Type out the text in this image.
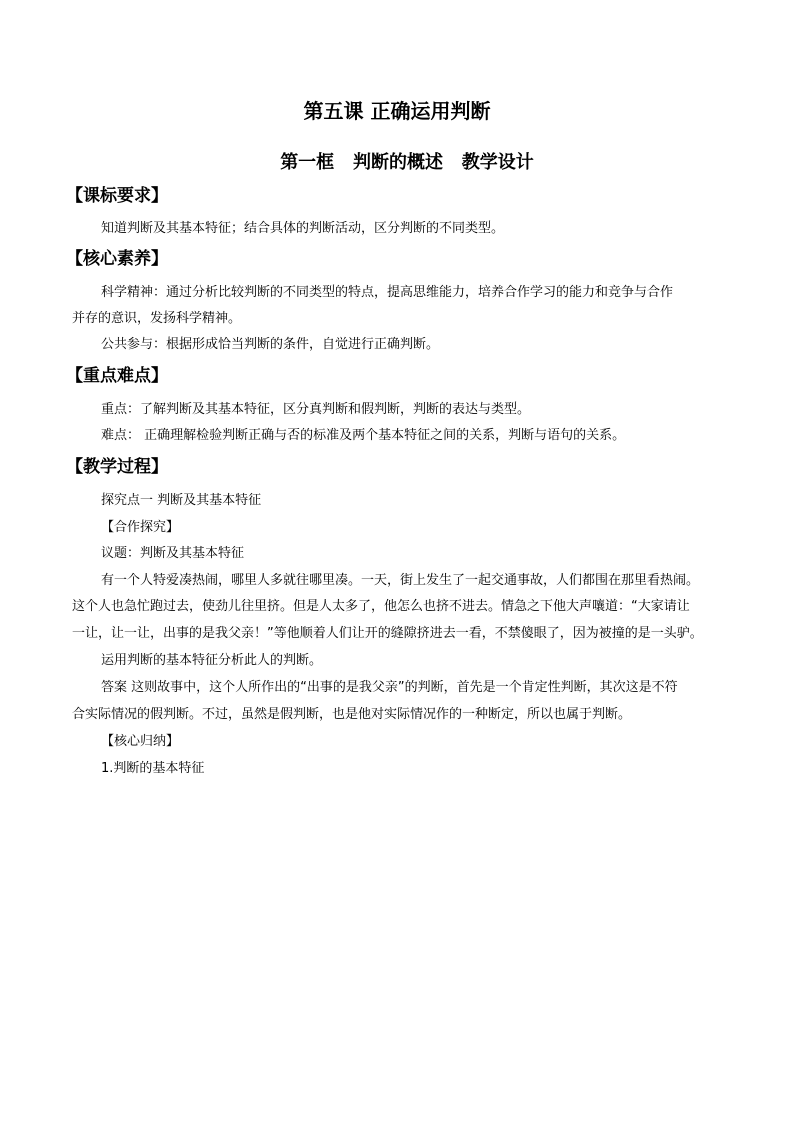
第五课 正确运用判断
第一框   判断的概述   教学设计
【课标要求】
知道判断及其基本特征；结合具体的判断活动，区分判断的不同类型。
【核心素养】
科学精神：通过分析比较判断的不同类型的特点，提高思维能力，培养合作学习的能力和竞争与合作
并存的意识，发扬科学精神。
公共参与：根据形成恰当判断的条件，自觉进行正确判断。
【重点难点】
重点：了解判断及其基本特征，区分真判断和假判断，判断的表达与类型。
难点： 正确理解检验判断正确与否的标准及两个基本特征之间的关系，判断与语句的关系。
【教学过程】
探究点一 判断及其基本特征
【合作探究】
议题：判断及其基本特征
有一个人特爱凑热闹，哪里人多就往哪里凑。一天，街上发生了一起交通事故，人们都围在那里看热闹。
这个人也急忙跑过去，使劲儿往里挤。但是人太多了，他怎么也挤不进去。情急之下他大声嚷道：“大家请让
一让，让一让，出事的是我父亲！”等他顺着人们让开的缝隙挤进去一看，不禁傻眼了，因为被撞的是一头驴。
运用判断的基本特征分析此人的判断。
答案 这则故事中，这个人所作出的“出事的是我父亲”的判断，首先是一个肯定性判断，其次这是不符
合实际情况的假判断。不过，虽然是假判断，也是他对实际情况作的一种断定，所以也属于判断。
【核心归纳】
1.判断的基本特征
